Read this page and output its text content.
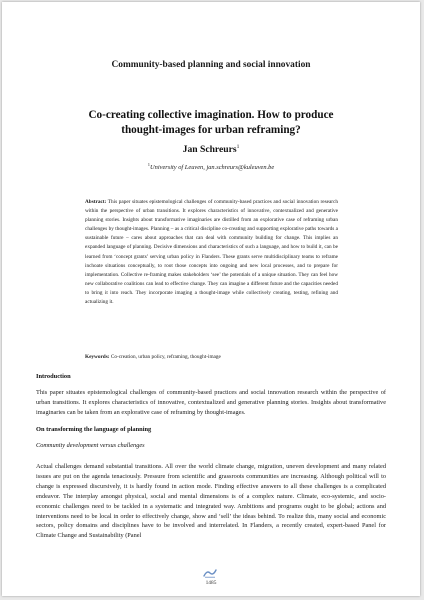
Community-based planning and social innovation
Co-creating collective imagination. How to produce
thought-images for urban reframing?
Jan Schreurs$^1$
$^1$University of Leuven, jan.schreurs@kuleuven.be
Abstract: This paper situates epistemological challenges of community-based practices and social innovation research within the perspective of urban transitions. It explores characteristics of innovative, contextualized and generative planning stories. Insights about transformative imaginaries are distilled from an explorative case of reframing urban challenges by thought-images. Planning – as a critical discipline co-creating and supporting explorative paths towards a sustainable future – cares about approaches that can deal with community building for change. This implies an expanded language of planning. Decisive dimensions and characteristics of such a language, and how to build it, can be learned from ‘concept grants’ serving urban policy in Flanders. These grants serve multidisciplinary teams to reframe inchoate situations conceptually, to root those concepts into ongoing and new local processes, and to prepare for implementation. Collective re-framing makes stakeholders ‘see’ the potentials of a unique situation. They can feel how new collaborative coalitions can lead to effective change. They can imagine a different future and the capacities needed to bring it into reach. They incorporate imaging a thought-image while collectively creating, testing, refining and actualizing it.
Keywords: Co-creation, urban policy, reframing, thought-image
Introduction
This paper situates epistemological challenges of community-based practices and social innovation research within the perspective of urban transitions. It explores characteristics of innovative, contextualized and generative planning stories. Insights about transformative imaginaries can be taken from an explorative case of reframing by thought-images.
On transforming the language of planning
Community development versus challenges
Actual challenges demand substantial transitions. All over the world climate change, migration, uneven development and many related issues are put on the agenda tenaciously. Pressure from scientific and grassroots communities are increasing. Although political will to change is expressed discursively, it is hardly found in action mode. Finding effective answers to all these challenges is a complicated endeavor. The interplay amongst physical, social and mental dimensions is of a complex nature. Climate, eco-systemic, and socio-economic challenges need to be tackled in a systematic and integrated way. Ambitions and programs ought to be global; actions and interventions need to be local in order to effectively change, show and ‘sell’ the ideas behind. To realize this, many social and economic sectors, policy domains and disciplines have to be involved and interrelated. In Flanders, a recently created, expert-based Panel for Climate Change and Sustainability (Panel
1485
